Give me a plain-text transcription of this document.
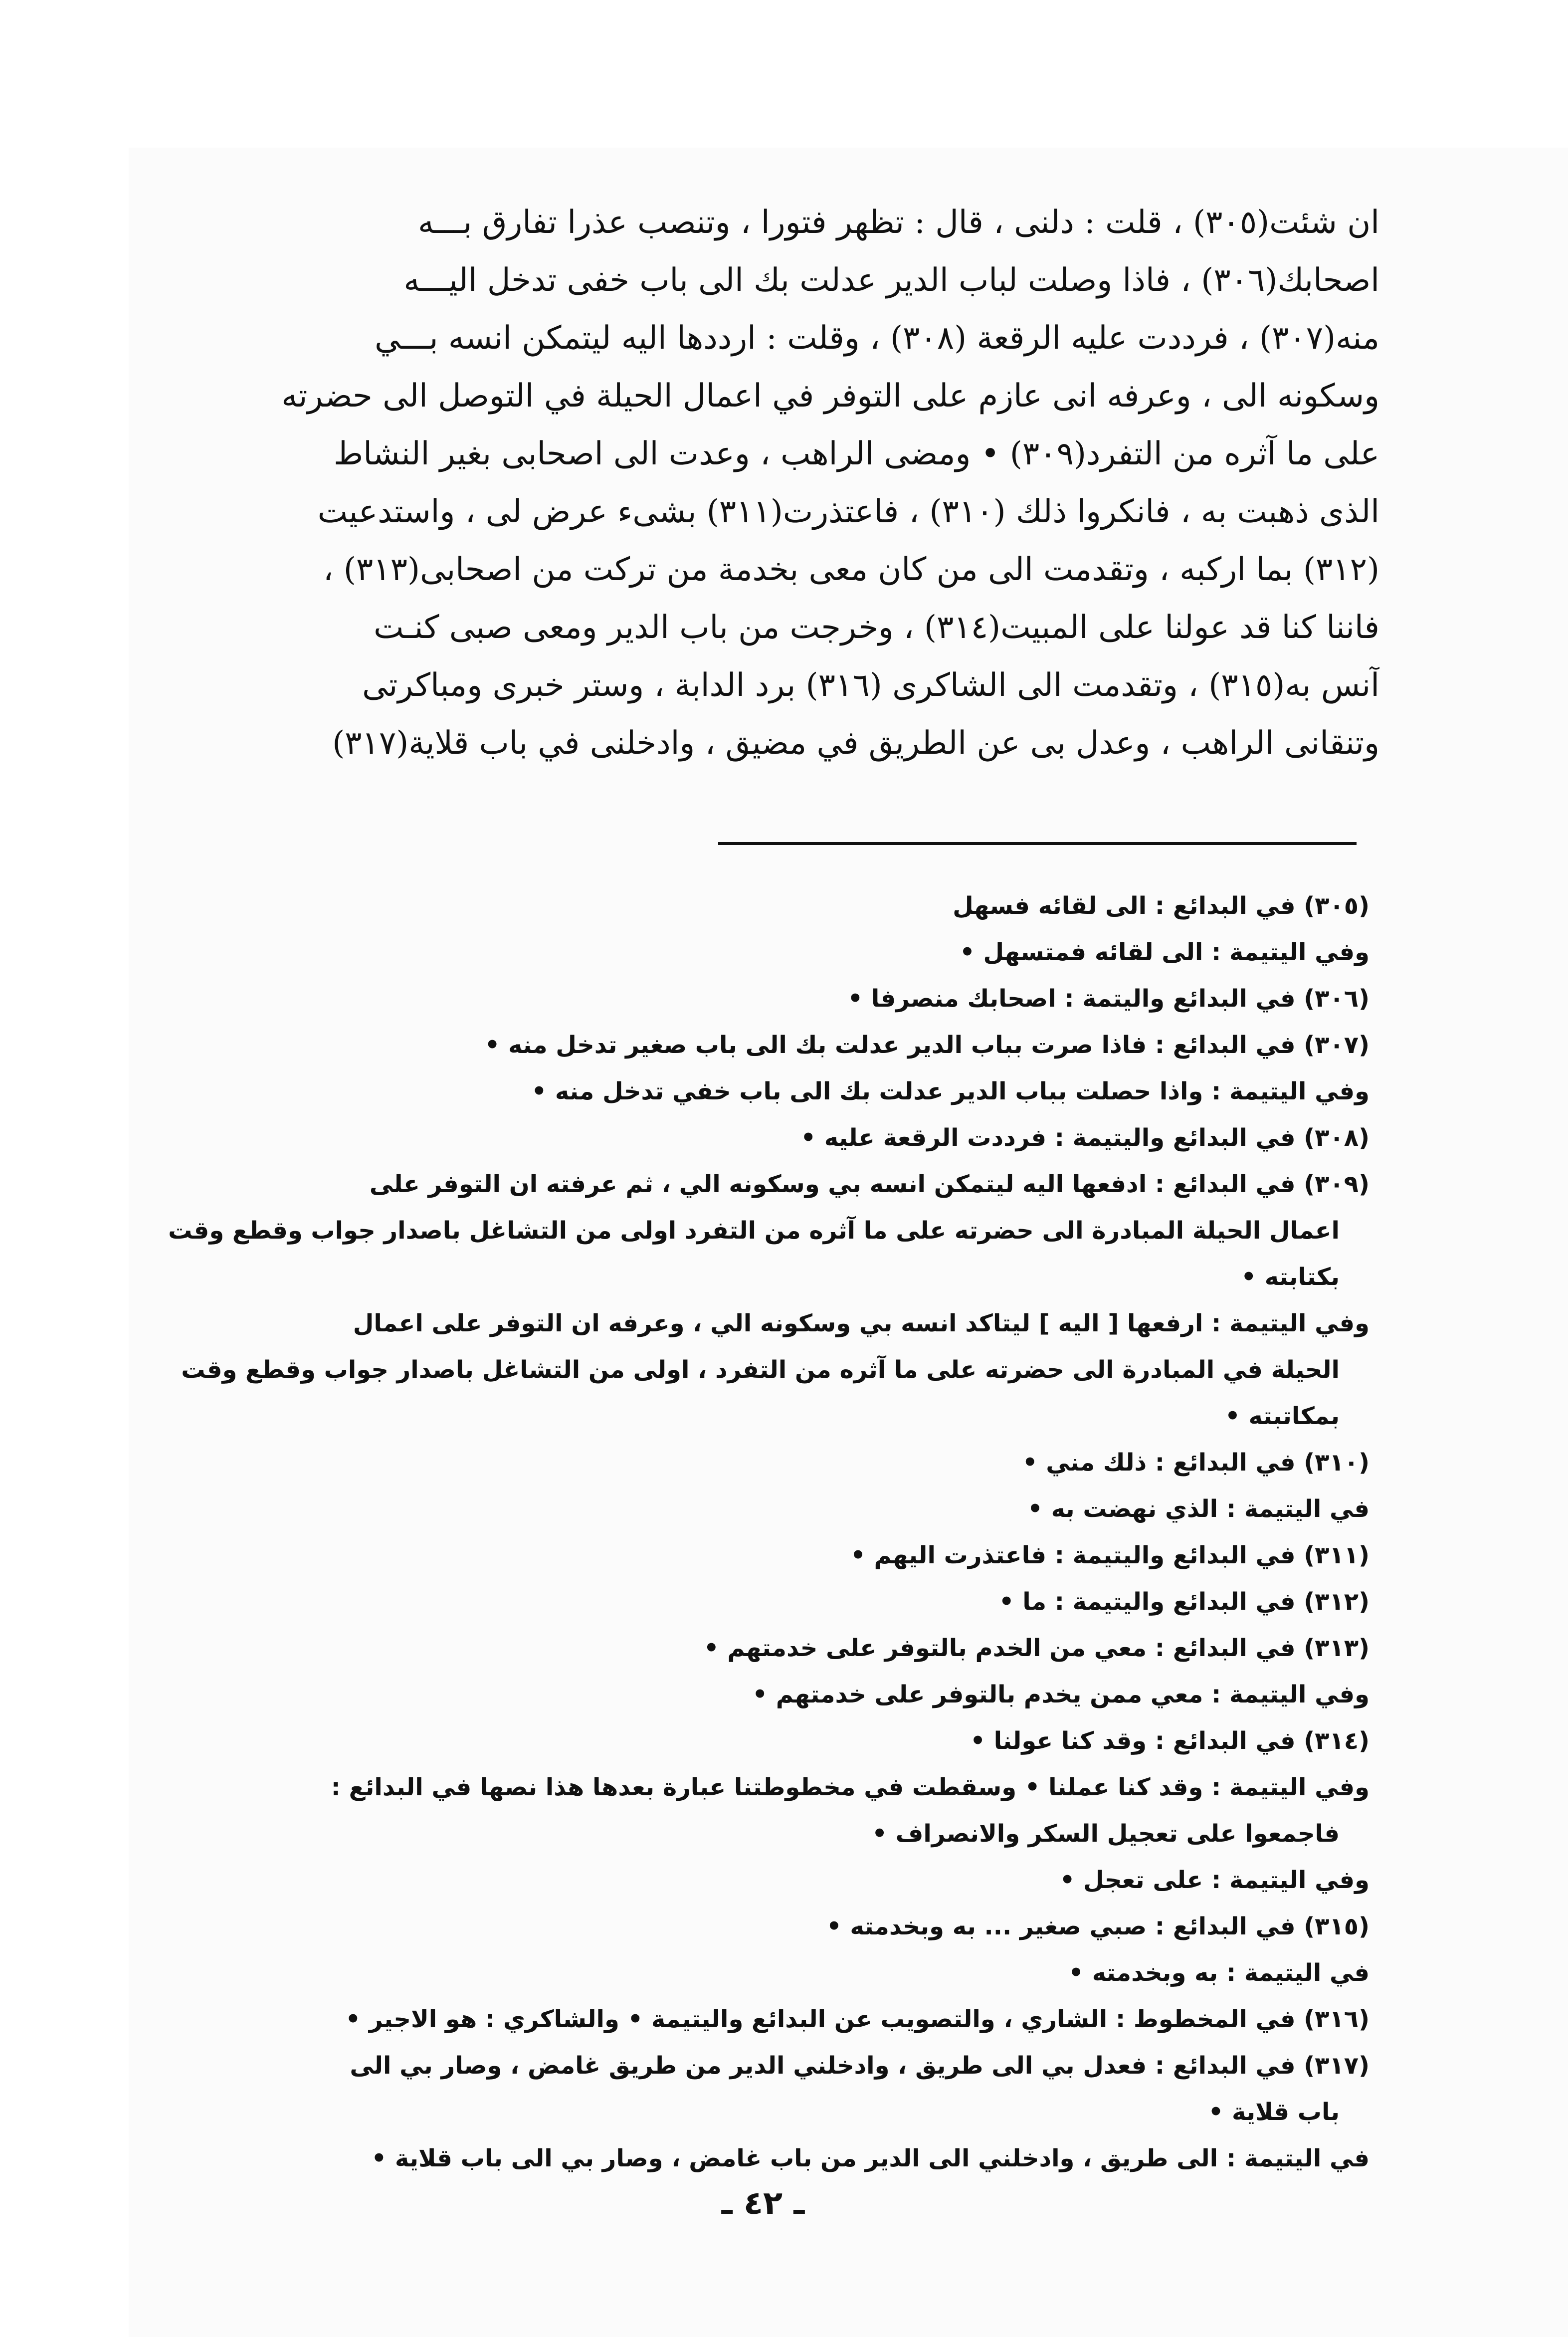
ان شئت(٣٠٥) ، قلت : دلنى ، قال : تظهر فتورا ، وتنصب عذرا تفارق بـــه
اصحابك(٣٠٦) ، فاذا وصلت لباب الدير عدلت بك الى باب خفى تدخل اليـــه
منه(٣٠٧) ، فرددت عليه الرقعة (٣٠٨) ، وقلت : ارددها اليه ليتمكن انسه بـــي
وسكونه الى ، وعرفه انى عازم على التوفر في اعمال الحيلة في التوصل الى حضرته
على ما آثره من التفرد(٣٠٩) • ومضى الراهب ، وعدت الى اصحابى بغير النشاط
الذى ذهبت به ، فانكروا ذلك (٣١٠) ، فاعتذرت(٣١١) بشىء عرض لى ، واستدعيت
(٣١٢) بما اركبه ، وتقدمت الى من كان معى بخدمة من تركت من اصحابى(٣١٣) ،
فاننا كنا قد عولنا على المبيت(٣١٤) ، وخرجت من باب الدير ومعى صبى كنـت
آنس به(٣١٥) ، وتقدمت الى الشاكرى (٣١٦) برد الدابة ، وستر خبرى ومباكرتى
وتنقانى الراهب ، وعدل بى عن الطريق في مضيق ، وادخلنى في باب قلاية(٣١٧)
(٣٠٥) في البدائع : الى لقائه فسهل
وفي اليتيمة : الى لقائه فمتسهل •
(٣٠٦) في البدائع واليتمة : اصحابك منصرفا •
(٣٠٧) في البدائع : فاذا صرت بباب الدير عدلت بك الى باب صغير تدخل منه •
وفي اليتيمة : واذا حصلت بباب الدير عدلت بك الى باب خفي تدخل منه •
(٣٠٨) في البدائع واليتيمة : فرددت الرقعة عليه •
(٣٠٩) في البدائع : ادفعها اليه ليتمكن انسه بي وسكونه الي ، ثم عرفته ان التوفر على
اعمال الحيلة المبادرة الى حضرته على ما آثره من التفرد اولى من التشاغل باصدار جواب وقطع وقت
بكتابته •
وفي اليتيمة : ارفعها [ اليه ] ليتاكد انسه بي وسكونه الي ، وعرفه ان التوفر على اعمال
الحيلة في المبادرة الى حضرته على ما آثره من التفرد ، اولى من التشاغل باصدار جواب وقطع وقت
بمكاتبته •
(٣١٠) في البدائع : ذلك مني •
في اليتيمة : الذي نهضت به •
(٣١١) في البدائع واليتيمة : فاعتذرت اليهم •
(٣١٢) في البدائع واليتيمة : ما •
(٣١٣) في البدائع : معي من الخدم بالتوفر على خدمتهم •
وفي اليتيمة : معي ممن يخدم بالتوفر على خدمتهم •
(٣١٤) في البدائع : وقد كنا عولنا •
وفي اليتيمة : وقد كنا عملنا • وسقطت في مخطوطتنا عبارة بعدها هذا نصها في البدائع :
فاجمعوا على تعجيل السكر والانصراف •
وفي اليتيمة : على تعجل •
(٣١٥) في البدائع : صبي صغير ... به وبخدمته •
في اليتيمة : به وبخدمته •
(٣١٦) في المخطوط : الشاري ، والتصويب عن البدائع واليتيمة • والشاكري : هو الاجير •
(٣١٧) في البدائع : فعدل بي الى طريق ، وادخلني الدير من طريق غامض ، وصار بي الى
باب قلاية •
في اليتيمة : الى طريق ، وادخلني الى الدير من باب غامض ، وصار بي الى باب قلاية •
ـ ٤٢ ـ
